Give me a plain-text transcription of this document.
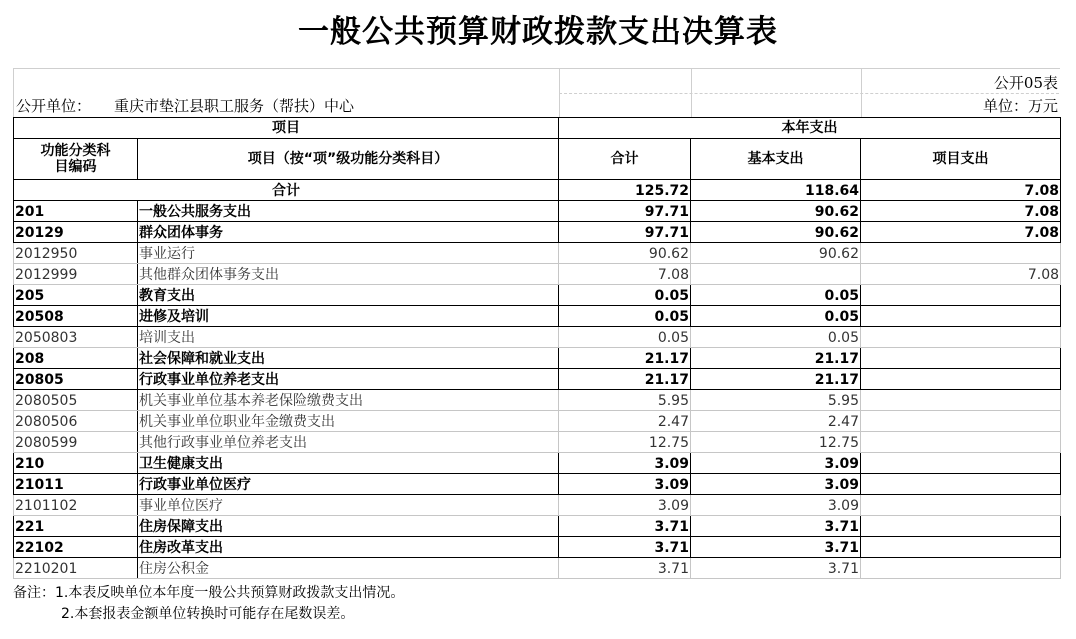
一般公共预算财政拨款支出决算表
公开05表
公开单位： 重庆市垫江县职工服务（帮扶）中心	单位：万元
项目		本年支出		
功能分类科目编码	项目（按“项”级功能分类科目）	合计	基本支出	项目支出
合计		125.72	118.64	7.08
201	一般公共服务支出	97.71	90.62	7.08
20129	群众团体事务	97.71	90.62	7.08
2012950	事业运行	90.62	90.62	
2012999	其他群众团体事务支出	7.08		7.08
205	教育支出	0.05	0.05	
20508	进修及培训	0.05	0.05	
2050803	培训支出	0.05	0.05	
208	社会保障和就业支出	21.17	21.17	
20805	行政事业单位养老支出	21.17	21.17	
2080505	机关事业单位基本养老保险缴费支出	5.95	5.95	
2080506	机关事业单位职业年金缴费支出	2.47	2.47	
2080599	其他行政事业单位养老支出	12.75	12.75	
210	卫生健康支出	3.09	3.09	
21011	行政事业单位医疗	3.09	3.09	
2101102	事业单位医疗	3.09	3.09	
221	住房保障支出	3.71	3.71	
22102	住房改革支出	3.71	3.71	
2210201	住房公积金	3.71	3.71	
备注：1.本表反映单位本年度一般公共预算财政拨款支出情况。
2.本套报表金额单位转换时可能存在尾数误差。
